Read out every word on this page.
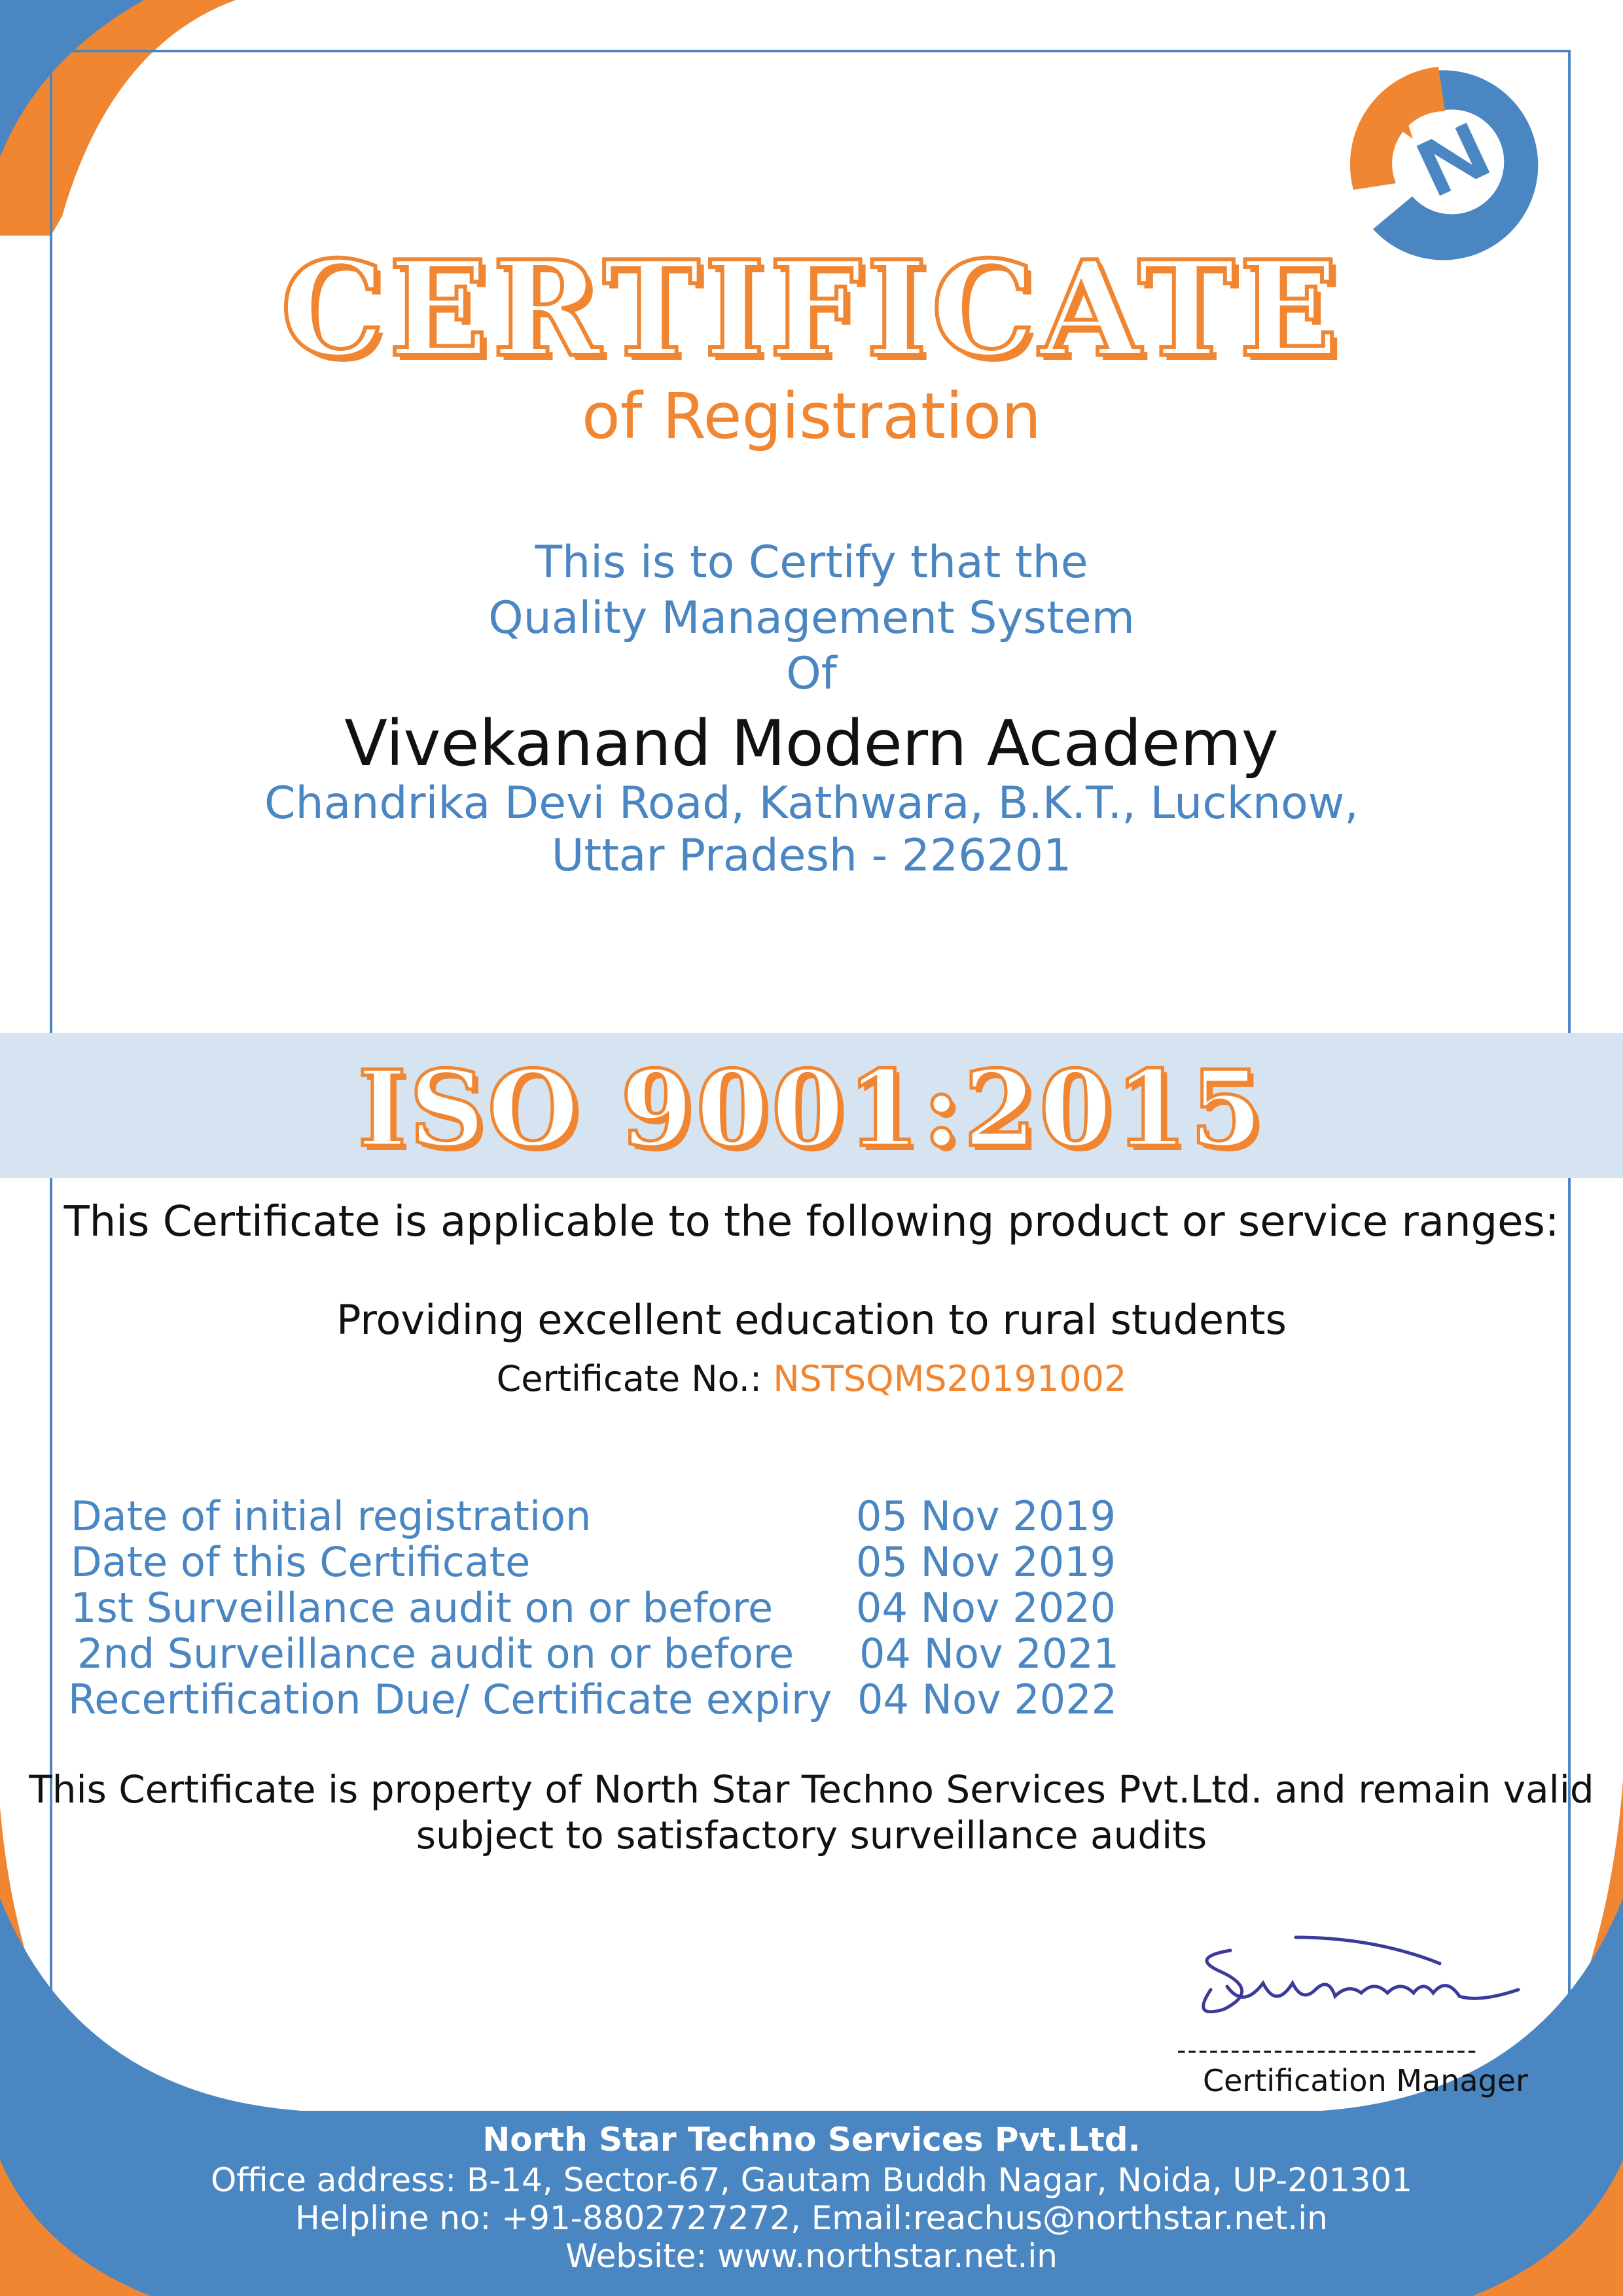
CERTIFICATE
of Registration
This is to Certify that the
Quality Management System
Of
Vivekanand Modern Academy
Chandrika Devi Road, Kathwara, B.K.T., Lucknow,
Uttar Pradesh - 226201
ISO 9001:2015
This Certificate is applicable to the following product or service ranges:
Providing excellent education to rural students
Certificate No.: NSTSQMS20191002
Date of initial registration	05 Nov 2019
Date of this Certificate	05 Nov 2019
1st Surveillance audit on or before 04 Nov 2020
2nd Surveillance audit on or before 04 Nov 2021
Recertification Due/ Certificate expiry 04 Nov 2022
This Certificate is property of North Star Techno Services Pvt.Ltd. and remain valid
subject to satisfactory surveillance audits
----------------------------
Certification Manager
North Star Techno Services Pvt.Ltd.
Office address: B-14, Sector-67, Gautam Buddh Nagar, Noida, UP-201301
Helpline no: +91-8802727272, Email:reachus@northstar.net.in
Website: www.northstar.net.in
